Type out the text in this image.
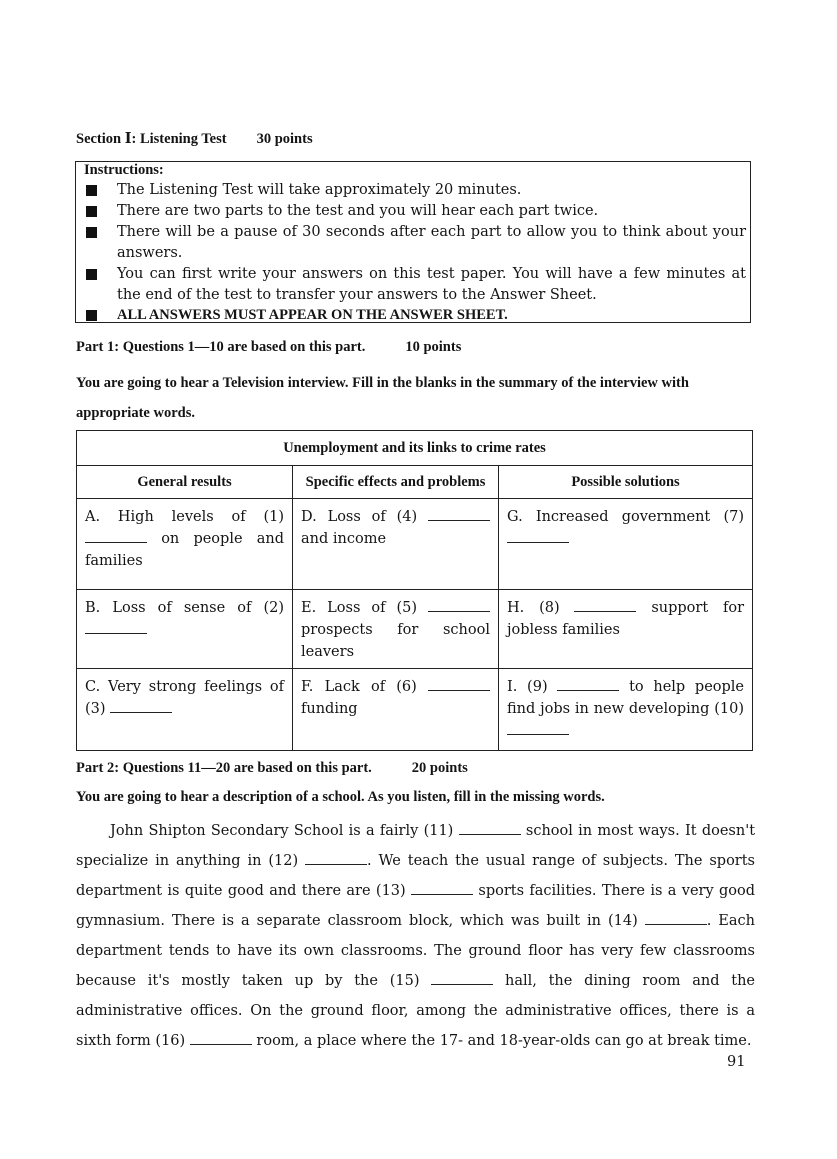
Section Ⅰ: Listening Test 30 points
Instructions:
The Listening Test will take approximately 20 minutes.
There are two parts to the test and you will hear each part twice.
There will be a pause of 30 seconds after each part to allow you to think about your answers.
You can first write your answers on this test paper. You will have a few minutes at the end of the test to transfer your answers to the Answer Sheet.
ALL ANSWERS MUST APPEAR ON THE ANSWER SHEET.
Part 1: Questions 1—10 are based on this part.	10 points
You are going to hear a Television interview. Fill in the blanks in the summary of the interview with appropriate words.
Unemployment and its links to crime rates		
General results	Specific effects and problems	Possible solutions
A. High levels of (1)  on people and families	D. Loss of (4)  and income	G. Increased government (7)
B. Loss of sense of (2)	E. Loss of (5)  prospects for school leavers	H. (8) support for jobless families
C. Very strong feelings of (3)	F. Lack of (6)  funding	I. (9) to help people find jobs in new developing (10)
Part 2: Questions 11—20 are based on this part.	20 points
You are going to hear a description of a school. As you listen, fill in the missing words.
John Shipton Secondary School is a fairly (11)	school in most ways. It doesn't specialize in anything in (12)	. We teach the usual range of subjects. The sports department is quite good and there are (13)	sports facilities. There is a very good gymnasium. There is a separate classroom block, which was built in (14)	. Each department tends to have its own classrooms. The ground floor has very few classrooms because it's mostly taken up by the (15)	hall, the dining room and the administrative offices. On the ground floor, among the administrative offices, there is a sixth form (16)	room, a place where the 17- and 18-year-olds can go at break time.
91
